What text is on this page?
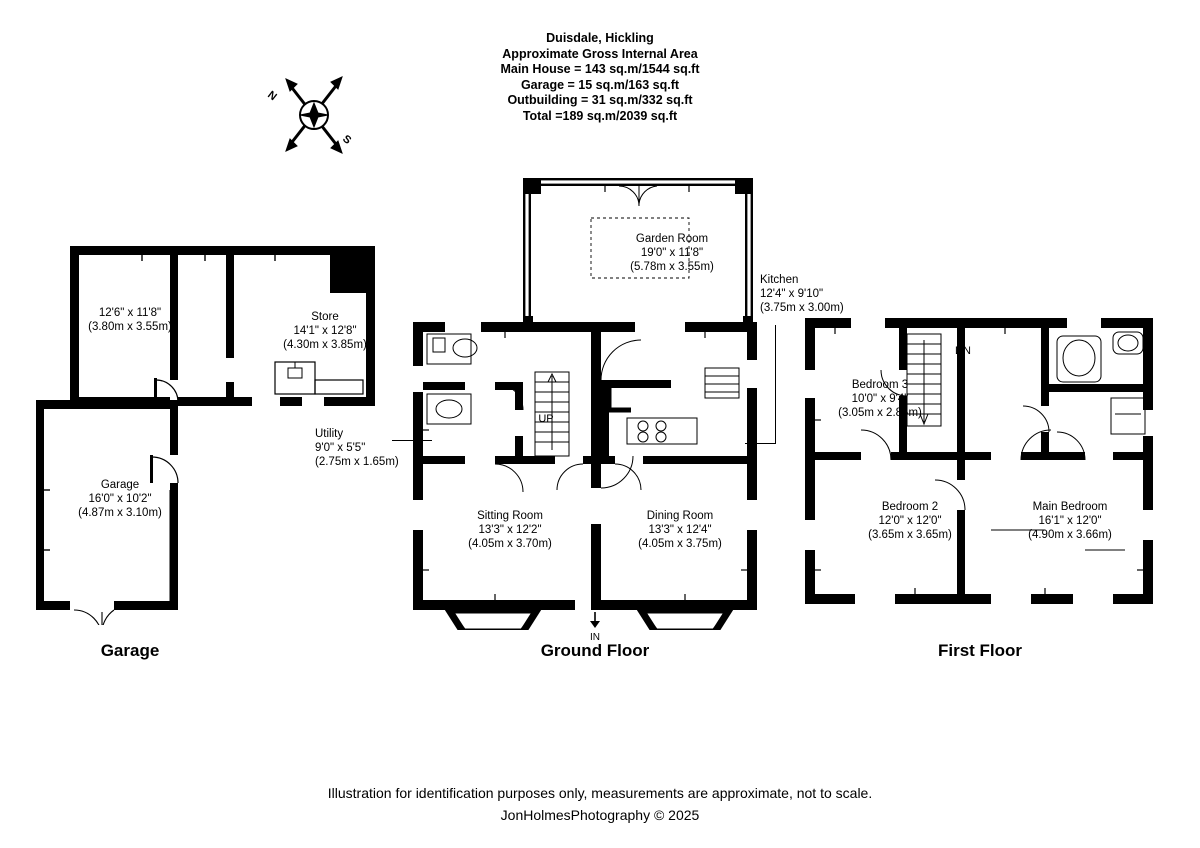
Duisdale, Hickling
Approximate Gross Internal Area
Main House = 143 sq.m/1544 sq.ft
Garage = 15 sq.m/163 sq.ft
Outbuilding = 31 sq.m/332 sq.ft
Total =189 sq.m/2039 sq.ft
N
S
12'6" x 11'8"
(3.80m x 3.55m)
Store
14'1" x 12'8"
(4.30m x 3.85m)
Garage
16'0" x 10'2"
(4.87m x 3.10m)
Garage
Garden Room
19'0" x 11'8"
(5.78m x 3.55m)
Kitchen
12'4" x 9'10"
(3.75m x 3.00m)
Utility
9'0" x 5'5"
(2.75m x 1.65m)
Sitting Room
13'3" x 12'2"
(4.05m x 3.70m)
Dining Room
13'3" x 12'4"
(4.05m x 3.75m)
UP
IN
Ground Floor
Bedroom 3
10'0" x 9'4"
(3.05m x 2.85m)
DN
Bedroom 2
12'0" x 12'0"
(3.65m x 3.65m)
Main Bedroom
16'1" x 12'0"
(4.90m x 3.66m)
First Floor
Illustration for identification purposes only, measurements are approximate, not to scale.
JonHolmesPhotography © 2025
